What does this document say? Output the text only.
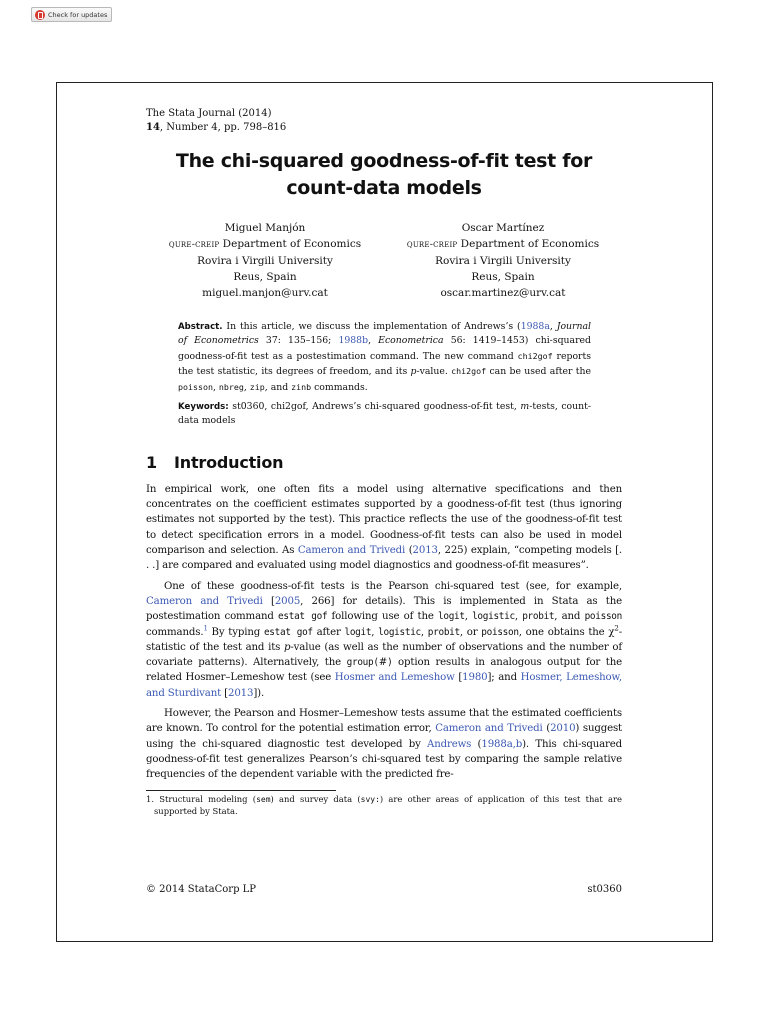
Check for updates
The Stata Journal (2014)
14, Number 4, pp. 798–816
The chi-squared goodness-of-fit test for
count-data models
Miguel Manjón
qure-creip Department of Economics
Rovira i Virgili University
Reus, Spain
miguel.manjon@urv.cat
Oscar Martínez
qure-creip Department of Economics
Rovira i Virgili University
Reus, Spain
oscar.martinez@urv.cat

Abstract. In this article, we discuss the implementation of Andrews’s (1988a, Journal of Econometrics 37: 135–156; 1988b, Econometrica 56: 1419–1453) chi-squared goodness-of-fit test as a postestimation command. The new command chi2gof reports the test statistic, its degrees of freedom, and its p-value. chi2gof can be used after the poisson, nbreg, zip, and zinb commands.

Keywords: st0360, chi2gof, Andrews’s chi-squared goodness-of-fit test, m-tests, count-data models

1 Introduction

In empirical work, one often fits a model using alternative specifications and then concentrates on the coefficient estimates supported by a goodness-of-fit test (thus ignoring estimates not supported by the test). This practice reflects the use of the goodness-of-fit test to detect specification errors in a model. Goodness-of-fit tests can also be used in model comparison and selection. As Cameron and Trivedi (2013, 225) explain, “competing models [. . .] are compared and evaluated using model diagnostics and goodness-of-fit measures”.

One of these goodness-of-fit tests is the Pearson chi-squared test (see, for example, Cameron and Trivedi [2005, 266] for details). This is implemented in Stata as the postestimation command estat gof following use of the logit, logistic, probit, and poisson commands.$^1$ By typing estat gof after logit, logistic, probit, or poisson, one obtains the $\chi^2$-statistic of the test and its p-value (as well as the number of observations and the number of covariate patterns). Alternatively, the group(#) option results in analogous output for the related Hosmer–Lemeshow test (see Hosmer and Lemeshow [1980]; and Hosmer, Lemeshow, and Sturdivant [2013]).

However, the Pearson and Hosmer–Lemeshow tests assume that the estimated coefficients are known. To control for the potential estimation error, Cameron and Trivedi (2010) suggest using the chi-squared diagnostic test developed by Andrews (1988a,b). This chi-squared goodness-of-fit test generalizes Pearson’s chi-squared test by comparing the sample relative frequencies of the dependent variable with the predicted fre-

1. Structural modeling (sem) and survey data (svy:) are other areas of application of this test that are supported by Stata.
© 2014 StataCorp LP	st0360
